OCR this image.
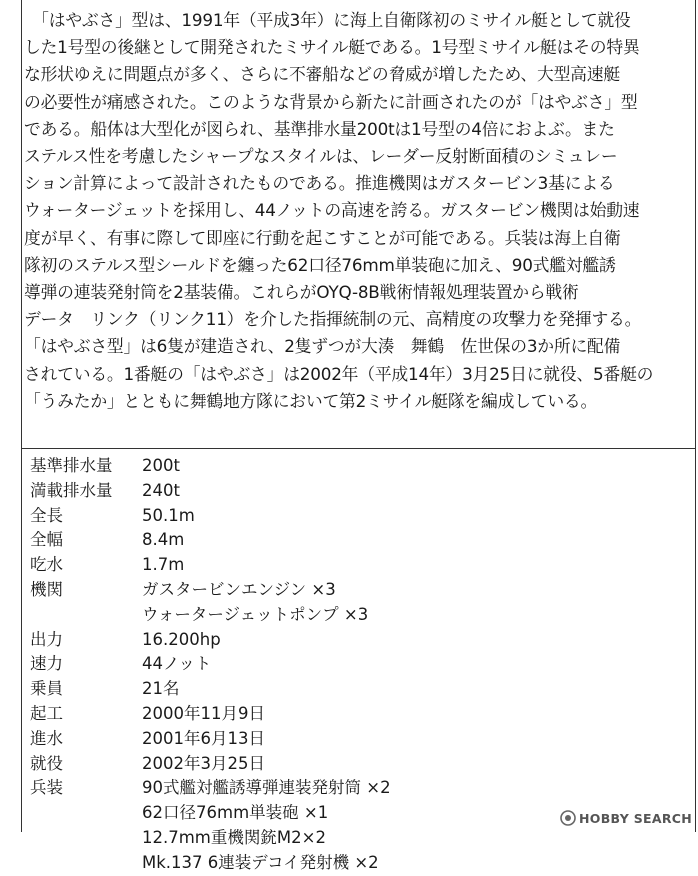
　「はやぶさ」型は、1991年（平成3年）に海上自衛隊初のミサイル艇として就役
した1号型の後継として開発されたミサイル艇である。1号型ミサイル艇はその特異
な形状ゆえに問題点が多く、さらに不審船などの脅威が増したため、大型高速艇
の必要性が痛感された。このような背景から新たに計画されたのが「はやぶさ」型
である。船体は大型化が図られ、基準排水量200tは1号型の4倍におよぶ。また
ステルス性を考慮したシャープなスタイルは、レーダー反射断面積のシミュレー
ション計算によって設計されたものである。推進機関はガスタービン3基による
ウォータージェットを採用し、44ノットの高速を誇る。ガスタービン機関は始動速
度が早く、有事に際して即座に行動を起こすことが可能である。兵装は海上自衛
隊初のステルス型シールドを纏った62口径76mm単装砲に加え、90式艦対艦誘
導弾の連装発射筒を2基装備。これらがOYQ-8B戦術情報処理装置から戦術
データ　リンク（リンク11）を介した指揮統制の元、高精度の攻撃力を発揮する。
「はやぶさ型」は6隻が建造され、2隻ずつが大湊　舞鶴　佐世保の3か所に配備
されている。1番艇の「はやぶさ」は2002年（平成14年）3月25日に就役、5番艇の
「うみたか」とともに舞鶴地方隊において第2ミサイル艇隊を編成している。
基準排水量	200t
満載排水量	240t
全長	50.1m
全幅	8.4m
吃水	1.7m
機関	ガスタービンエンジン ×3
ウォータージェットポンプ ×3
出力	16.200hp
速力	44ノット
乗員	21名
起工	2000年11月9日
進水	2001年6月13日
就役	2002年3月25日
兵装	90式艦対艦誘導弾連装発射筒 ×2
62口径76mm単装砲 ×1
12.7mm重機関銃M2×2
Mk.137 6連装デコイ発射機 ×2
HOBBY SEARCH
